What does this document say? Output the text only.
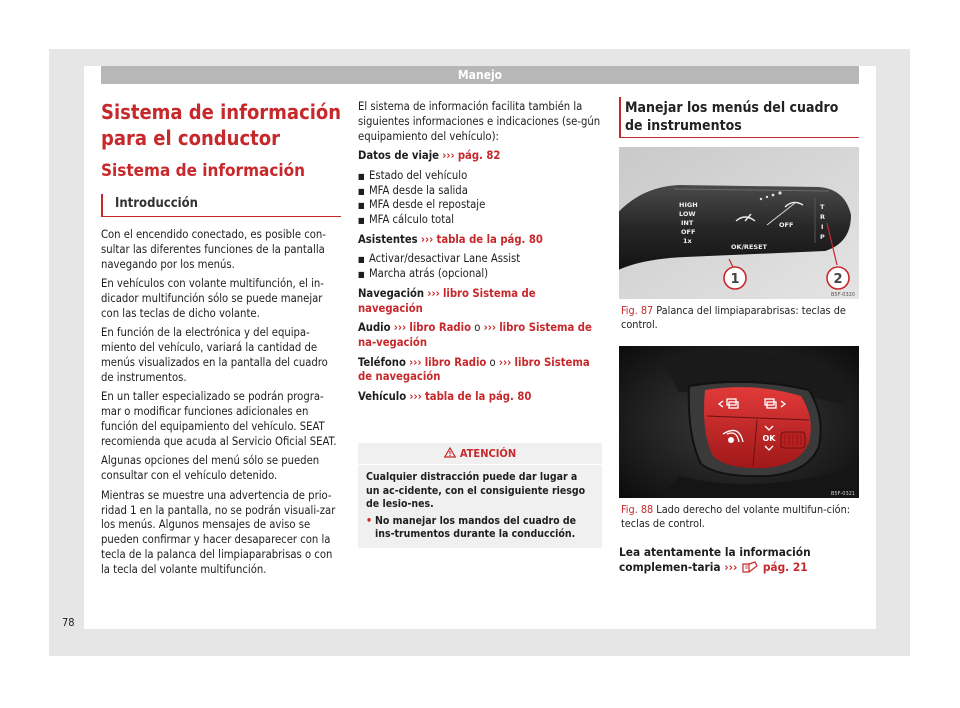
Manejo
Sistema de información para el conductor
Sistema de información
Introducción

Con el encendido conectado, es posible con-sultar las diferentes funciones de la pantalla navegando por los menús.

En vehículos con volante multifunción, el in-dicador multifunción sólo se puede manejar con las teclas de dicho volante.

En función de la electrónica y del equipa-miento del vehículo, variará la cantidad de menús visualizados en la pantalla del cuadro de instrumentos.

En un taller especializado se podrán progra-mar o modificar funciones adicionales en función del equipamiento del vehículo. SEAT recomienda que acuda al Servicio Oficial SEAT.

Algunas opciones del menú sólo se pueden consultar con el vehículo detenido.

Mientras se muestre una advertencia de prio-ridad 1 en la pantalla, no se podrán visuali-zar los menús. Algunos mensajes de aviso se pueden confirmar y hacer desaparecer con la tecla de la palanca del limpiaparabrisas o con la tecla del volante multifunción.

El sistema de información facilita también la siguientes informaciones e indicaciones (se-gún equipamiento del vehículo):

Datos de viaje ››› pág. 82

■ Estado del vehículo
■ MFA desde la salida
■ MFA desde el repostaje
■ MFA cálculo total

Asistentes ››› tabla de la pág. 80

■ Activar/desactivar Lane Assist
■ Marcha atrás (opcional)

Navegación ››› libro Sistema de navegación

Audio ››› libro Radio o ››› libro Sistema de na-vegación

Teléfono ››› libro Radio o ››› libro Sistema de navegación

Vehículo ››› tabla de la pág. 80

ATENCIÓN
Cualquier distracción puede dar lugar a un ac-cidente, con el consiguiente riesgo de lesio-nes.
• No manejar los mandos del cuadro de ins-trumentos durante la conducción.
Manejar los menús del cuadro de instrumentos
HIGH
LOW
INT
OFF
1x
OFF
OK/RESET
T
R
I
P
1	2
B5F-0320
Fig. 87 Palanca del limpiaparabrisas: teclas de control.
OK
B5F-0321
Fig. 88 Lado derecho del volante multifun-ción: teclas de control.
Lea atentamente la información complemen-taria ››› pág. 21
78
